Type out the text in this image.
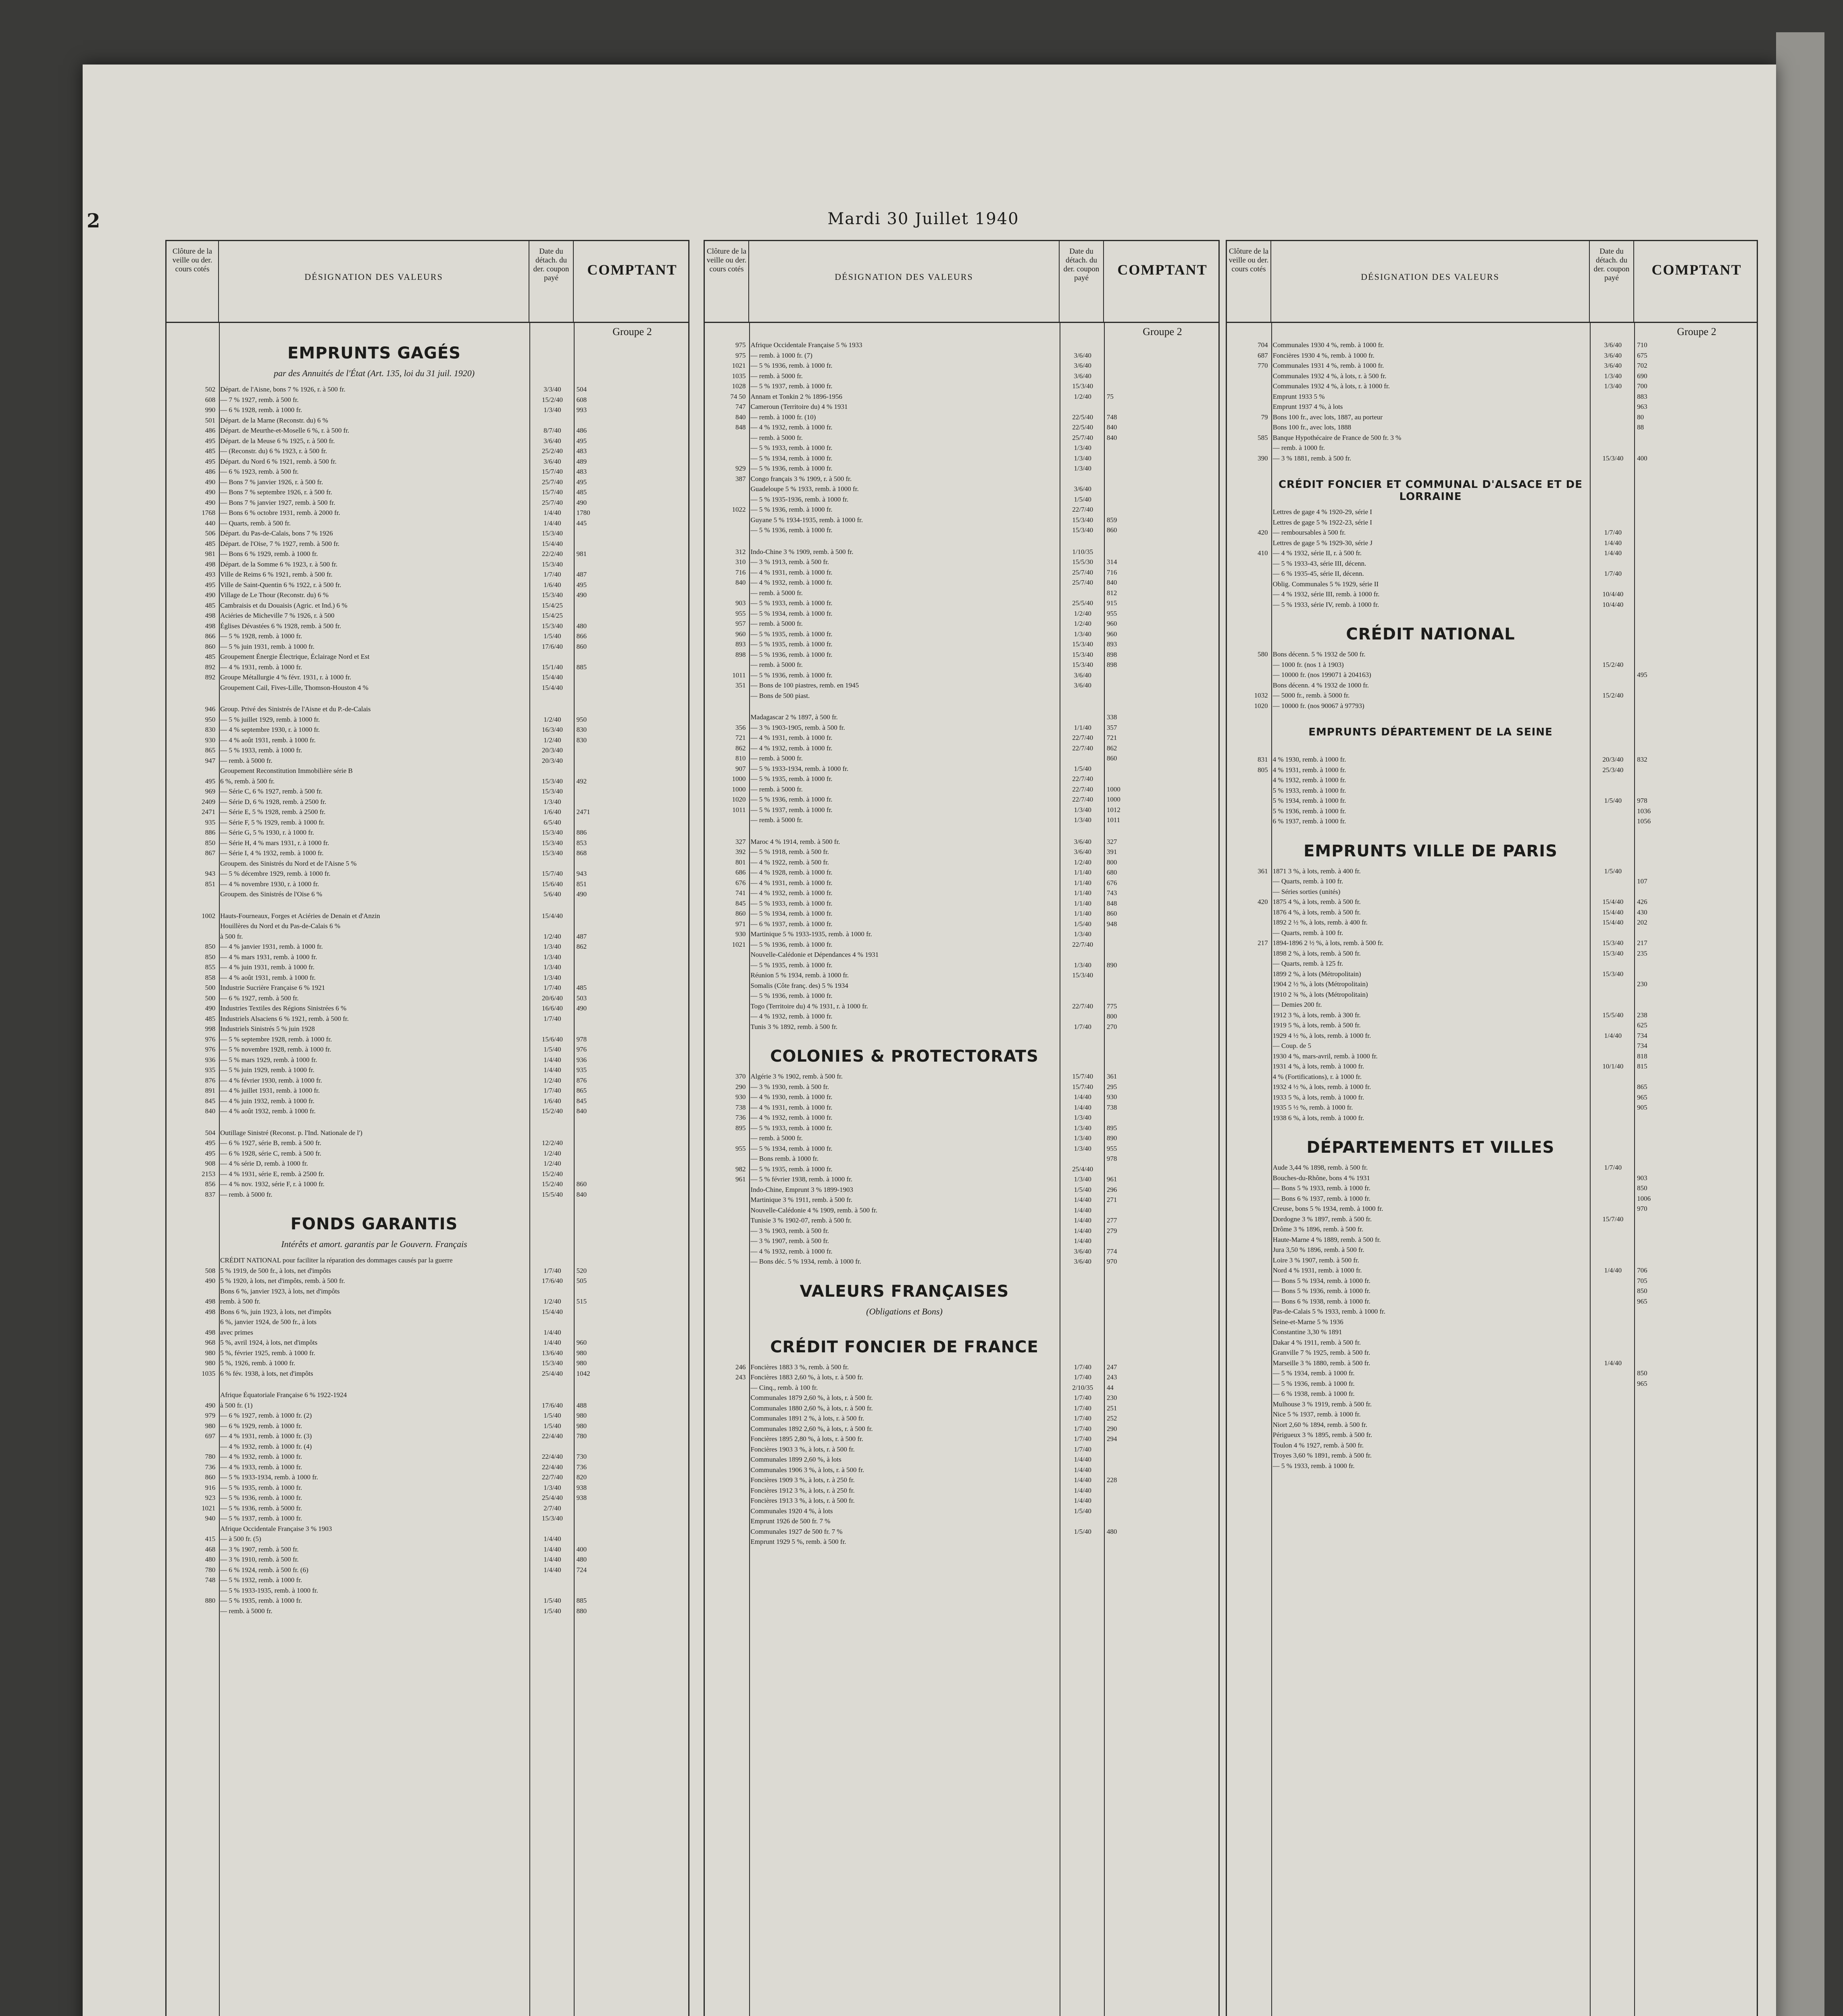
2	Mardi 30 Juillet 1940
Clôture de la veille ou der. cours cotés
DÉSIGNATION DES VALEURS
Date du détach. du der. coupon payé
COMPTANT
Groupe 2
EMPRUNTS GAGÉS
par des Annuités de l'État (Art. 135, loi du 31 juil. 1920)
502 Départ. de l'Aisne, bons 7 % 1926, r. à 500 fr.	3/3/40	504
608 — 7 % 1927, remb. à 500 fr.	15/2/40	608
990 — 6 % 1928, remb. à 1000 fr.	1/3/40	993
501 Départ. de la Marne (Reconstr. du) 6 %
486 Départ. de Meurthe-et-Moselle 6 %, r. à 500 fr.	8/7/40	486
495 Départ. de la Meuse 6 % 1925, r. à 500 fr.	3/6/40	495
485 — (Reconstr. du) 6 % 1923, r. à 500 fr.	25/2/40	483
495 Départ. du Nord 6 % 1921, remb. à 500 fr.	3/6/40	489
486 — 6 % 1923, remb. à 500 fr.	15/7/40	483
490 — Bons 7 % janvier 1926, r. à 500 fr.	25/7/40	495
490 — Bons 7 % septembre 1926, r. à 500 fr.	15/7/40	485
490 — Bons 7 % janvier 1927, remb. à 500 fr.	25/7/40	490
1768 — Bons 6 % octobre 1931, remb. à 2000 fr.	1/4/40	1780
440 — Quarts, remb. à 500 fr.	1/4/40	445
506 Départ. du Pas-de-Calais, bons 7 % 1926	15/3/40
485 Départ. de l'Oise, 7 % 1927, remb. à 500 fr.	15/4/40
981 — Bons 6 % 1929, remb. à 1000 fr.	22/2/40	981
498 Départ. de la Somme 6 % 1923, r. à 500 fr.	15/3/40
493 Ville de Reims 6 % 1921, remb. à 500 fr.	1/7/40	487
495 Ville de Saint-Quentin 6 % 1922, r. à 500 fr.	1/6/40	495
490 Village de Le Thour (Reconstr. du) 6 %	15/3/40	490
485 Cambraisis et du Douaisis (Agric. et Ind.) 6 %	15/4/25
498 Aciéries de Micheville 7 % 1926, r. à 500	15/4/25
498 Églises Dévastées 6 % 1928, remb. à 500 fr.	15/3/40	480
866 — 5 % 1928, remb. à 1000 fr.	1/5/40	866
860 — 5 % juin 1931, remb. à 1000 fr.	17/6/40	860
485 Groupement Énergie Électrique, Éclairage Nord et Est
892 — 4 % 1931, remb. à 1000 fr.	15/1/40	885
892 Groupe Métallurgie 4 % févr. 1931, r. à 1000 fr.	15/4/40
Groupement Cail, Fives-Lille, Thomson-Houston 4 %	15/4/40
946 Group. Privé des Sinistrés de l'Aisne et du P.-de-Calais
950 — 5 % juillet 1929, remb. à 1000 fr.	1/2/40	950
830 — 4 % septembre 1930, r. à 1000 fr.	16/3/40	830
930 — 4 % août 1931, remb. à 1000 fr.	1/2/40	830
865 — 5 % 1933, remb. à 1000 fr.	20/3/40
947 — remb. à 5000 fr.	20/3/40
Groupement Reconstitution Immobilière série B
495 6 %, remb. à 500 fr.	15/3/40	492
969 — Série C, 6 % 1927, remb. à 500 fr.	15/3/40
2409 — Série D, 6 % 1928, remb. à 2500 fr.	1/3/40
2471 — Série E, 5 % 1928, remb. à 2500 fr.	1/6/40	2471
935 — Série F, 5 % 1929, remb. à 1000 fr.	6/5/40
886 — Série G, 5 % 1930, r. à 1000 fr.	15/3/40	886
850 — Série H, 4 % mars 1931, r. à 1000 fr.	15/3/40	853
867 — Série I, 4 % 1932, remb. à 1000 fr.	15/3/40	868
Groupem. des Sinistrés du Nord et de l'Aisne 5 %
943 — 5 % décembre 1929, remb. à 1000 fr.	15/7/40	943
851 — 4 % novembre 1930, r. à 1000 fr.	15/6/40	851
Groupem. des Sinistrés de l'Oise 6 %	5/6/40	490
1002 Hauts-Fourneaux, Forges et Aciéries de Denain et d'Anzin	15/4/40
Houillères du Nord et du Pas-de-Calais 6 %
à 500 fr.	1/2/40	487
850 — 4 % janvier 1931, remb. à 1000 fr.	1/3/40	862
850 — 4 % mars 1931, remb. à 1000 fr.	1/3/40
855 — 4 % juin 1931, remb. à 1000 fr.	1/3/40
858 — 4 % août 1931, remb. à 1000 fr.	1/3/40
500 Industrie Sucrière Française 6 % 1921	1/7/40	485
500 — 6 % 1927, remb. à 500 fr.	20/6/40	503
490 Industries Textiles des Régions Sinistrées 6 %	16/6/40	490
485 Industriels Alsaciens 6 % 1921, remb. à 500 fr.	1/7/40
998 Industriels Sinistrés 5 % juin 1928
976 — 5 % septembre 1928, remb. à 1000 fr.	15/6/40	978
976 — 5 % novembre 1928, remb. à 1000 fr.	1/5/40	976
936 — 5 % mars 1929, remb. à 1000 fr.	1/4/40	936
935 — 5 % juin 1929, remb. à 1000 fr.	1/4/40	935
876 — 4 % février 1930, remb. à 1000 fr.	1/2/40	876
891 — 4 % juillet 1931, remb. à 1000 fr.	1/7/40	865
845 — 4 % juin 1932, remb. à 1000 fr.	1/6/40	845
840 — 4 % août 1932, remb. à 1000 fr.	15/2/40	840
504 Outillage Sinistré (Reconst. p. l'Ind. Nationale de l')
495 — 6 % 1927, série B, remb. à 500 fr.	12/2/40
495 — 6 % 1928, série C, remb. à 500 fr.	1/2/40
908 — 4 % série D, remb. à 1000 fr.	1/2/40
2153 — 4 % 1931, série E, remb. à 2500 fr.	15/2/40
856 — 4 % nov. 1932, série F, r. à 1000 fr.	15/2/40	860
837 — remb. à 5000 fr.	15/5/40	840
FONDS GARANTIS
Intérêts et amort. garantis par le Gouvern. Français
CRÉDIT NATIONAL pour faciliter la réparation des dommages causés par la guerre
508 5 % 1919, de 500 fr., à lots, net d'impôts	1/7/40	520
490 5 % 1920, à lots, net d'impôts, remb. à 500 fr.	17/6/40	505
Bons 6 %, janvier 1923, à lots, net d'impôts
498 remb. à 500 fr.	1/2/40	515
498 Bons 6 %, juin 1923, à lots, net d'impôts	15/4/40
6 %, janvier 1924, de 500 fr., à lots
498 avec primes	1/4/40
968 5 %, avril 1924, à lots, net d'impôts	1/4/40	960
980 5 %, février 1925, remb. à 1000 fr.	13/6/40	980
980 5 %, 1926, remb. à 1000 fr.	15/3/40	980
1035 6 % fév. 1938, à lots, net d'impôts	25/4/40	1042
Afrique Équatoriale Française 6 % 1922-1924
490 à 500 fr. (1)	17/6/40	488
979 — 6 % 1927, remb. à 1000 fr. (2)	1/5/40	980
980 — 6 % 1929, remb. à 1000 fr.	1/5/40	980
697 — 4 % 1931, remb. à 1000 fr. (3)	22/4/40	780
— 4 % 1932, remb. à 1000 fr. (4)
780 — 4 % 1932, remb. à 1000 fr.	22/4/40	730
736 — 4 % 1933, remb. à 1000 fr.	22/4/40	736
860 — 5 % 1933-1934, remb. à 1000 fr.	22/7/40	820
916 — 5 % 1935, remb. à 1000 fr.	1/3/40	938
923 — 5 % 1936, remb. à 1000 fr.	25/4/40	938
1021 — 5 % 1936, remb. à 5000 fr.	2/7/40
940 — 5 % 1937, remb. à 1000 fr.	15/3/40
Afrique Occidentale Française 3 % 1903
415 — à 500 fr. (5)	1/4/40
468 — 3 % 1907, remb. à 500 fr.	1/4/40	400
480 — 3 % 1910, remb. à 500 fr.	1/4/40	480
780 — 6 % 1924, remb. à 500 fr. (6)	1/4/40	724
748 — 5 % 1932, remb. à 1000 fr.
— 5 % 1933-1935, remb. à 1000 fr.
880 — 5 % 1935, remb. à 1000 fr.	1/5/40	885
— remb. à 5000 fr.	1/5/40	880
Clôture de la veille ou der. cours cotés
DÉSIGNATION DES VALEURS
Date du détach. du der. coupon payé
COMPTANT
Groupe 2
975 Afrique Occidentale Française 5 % 1933
975 — remb. à 1000 fr. (7)	3/6/40
1021 — 5 % 1936, remb. à 1000 fr.	3/6/40
1035 — remb. à 5000 fr.	3/6/40
1028 — 5 % 1937, remb. à 1000 fr.	15/3/40
74 50 Annam et Tonkin 2 % 1896-1956	1/2/40	75
747 Cameroun (Territoire du) 4 % 1931
840 — remb. à 1000 fr. (10)	22/5/40	748
848 — 4 % 1932, remb. à 1000 fr.	22/5/40	840
— remb. à 5000 fr.	25/7/40	840
— 5 % 1933, remb. à 1000 fr.	1/3/40
— 5 % 1934, remb. à 1000 fr.	1/3/40
929 — 5 % 1936, remb. à 1000 fr.	1/3/40
387 Congo français 3 % 1909, r. à 500 fr.
Guadeloupe 5 % 1933, remb. à 1000 fr.	3/6/40
— 5 % 1935-1936, remb. à 1000 fr.	1/5/40
1022 — 5 % 1936, remb. à 1000 fr.	22/7/40
Guyane 5 % 1934-1935, remb. à 1000 fr.	15/3/40	859
— 5 % 1936, remb. à 1000 fr.	15/3/40	860
312 Indo-Chine 3 % 1909, remb. à 500 fr.	1/10/35
310 — 3 % 1913, remb. à 500 fr.	15/5/30	314
716 — 4 % 1931, remb. à 1000 fr.	25/7/40	716
840 — 4 % 1932, remb. à 1000 fr.	25/7/40	840
— remb. à 5000 fr.	812
903 — 5 % 1933, remb. à 1000 fr.	25/5/40	915
955 — 5 % 1934, remb. à 1000 fr.	1/2/40	955
957 — remb. à 5000 fr.	1/2/40	960
960 — 5 % 1935, remb. à 1000 fr.	1/3/40	960
893 — 5 % 1935, remb. à 1000 fr.	15/3/40	893
898 — 5 % 1936, remb. à 1000 fr.	15/3/40	898
— remb. à 5000 fr.	15/3/40	898
1011 — 5 % 1936, remb. à 1000 fr.	3/6/40
351 — Bons de 100 piastres, remb. en 1945	3/6/40
— Bons de 500 piast.
Madagascar 2 % 1897, à 500 fr.	338
356 — 3 % 1903-1905, remb. à 500 fr.	1/1/40	357
721 — 4 % 1931, remb. à 1000 fr.	22/7/40	721
862 — 4 % 1932, remb. à 1000 fr.	22/7/40	862
810 — remb. à 5000 fr.	860
907 — 5 % 1933-1934, remb. à 1000 fr.	1/5/40
1000 — 5 % 1935, remb. à 1000 fr.	22/7/40
1000 — remb. à 5000 fr.	22/7/40	1000
1020 — 5 % 1936, remb. à 1000 fr.	22/7/40	1000
1011 — 5 % 1937, remb. à 1000 fr.	1/3/40	1012
— remb. à 5000 fr.	1/3/40	1011
327 Maroc 4 % 1914, remb. à 500 fr.	3/6/40	327
392 — 5 % 1918, remb. à 500 fr.	3/6/40	391
801 — 4 % 1922, remb. à 500 fr.	1/2/40	800
686 — 4 % 1928, remb. à 1000 fr.	1/1/40	680
676 — 4 % 1931, remb. à 1000 fr.	1/1/40	676
741 — 4 % 1932, remb. à 1000 fr.	1/1/40	743
845 — 5 % 1933, remb. à 1000 fr.	1/1/40	848
860 — 5 % 1934, remb. à 1000 fr.	1/1/40	860
971 — 6 % 1937, remb. à 1000 fr.	1/5/40	948
930 Martinique 5 % 1933-1935, remb. à 1000 fr.	1/3/40
1021 — 5 % 1936, remb. à 1000 fr.	22/7/40
Nouvelle-Calédonie et Dépendances 4 % 1931
— 5 % 1935, remb. à 1000 fr.	1/3/40	890
Réunion 5 % 1934, remb. à 1000 fr.	15/3/40
Somalis (Côte franç. des) 5 % 1934
— 5 % 1936, remb. à 1000 fr.
Togo (Territoire du) 4 % 1931, r. à 1000 fr.	22/7/40	775
— 4 % 1932, remb. à 1000 fr.	800
Tunis 3 % 1892, remb. à 500 fr.	1/7/40	270
COLONIES & PROTECTORATS
370 Algérie 3 % 1902, remb. à 500 fr.	15/7/40	361
290 — 3 % 1930, remb. à 500 fr.	15/7/40	295
930 — 4 % 1930, remb. à 1000 fr.	1/4/40	930
738 — 4 % 1931, remb. à 1000 fr.	1/4/40	738
736 — 4 % 1932, remb. à 1000 fr.	1/3/40
895 — 5 % 1933, remb. à 1000 fr.	1/3/40	895
— remb. à 5000 fr.	1/3/40	890
955 — 5 % 1934, remb. à 1000 fr.	1/3/40	955
— Bons remb. à 1000 fr.	978
982 — 5 % 1935, remb. à 1000 fr.	25/4/40
961 — 5 % février 1938, remb. à 1000 fr.	1/3/40	961
Indo-Chine, Emprunt 3 % 1899-1903	1/5/40	296
Martinique 3 % 1911, remb. à 500 fr.	1/4/40	271
Nouvelle-Calédonie 4 % 1909, remb. à 500 fr.	1/4/40
Tunisie 3 % 1902-07, remb. à 500 fr.	1/4/40	277
— 3 % 1903, remb. à 500 fr.	1/4/40	279
— 3 % 1907, remb. à 500 fr.	1/4/40
— 4 % 1932, remb. à 1000 fr.	3/6/40	774
— Bons déc. 5 % 1934, remb. à 1000 fr.	3/6/40	970
VALEURS FRANÇAISES
(Obligations et Bons)
CRÉDIT FONCIER DE FRANCE
246 Foncières 1883 3 %, remb. à 500 fr.	1/7/40	247
243 Foncières 1883 2,60 %, à lots, r. à 500 fr.	1/7/40	243
— Cinq., remb. à 100 fr.	2/10/35	44
Communales 1879 2,60 %, à lots, r. à 500 fr.	1/7/40	230
Communales 1880 2,60 %, à lots, r. à 500 fr.	1/7/40	251
Communales 1891 2 %, à lots, r. à 500 fr.	1/7/40	252
Communales 1892 2,60 %, à lots, r. à 500 fr.	1/7/40	290
Foncières 1895 2,80 %, à lots, r. à 500 fr.	1/7/40	294
Foncières 1903 3 %, à lots, r. à 500 fr.	1/7/40
Communales 1899 2,60 %, à lots	1/4/40
Communales 1906 3 %, à lots, r. à 500 fr.	1/4/40
Foncières 1909 3 %, à lots, r. à 250 fr.	1/4/40	228
Foncières 1912 3 %, à lots, r. à 250 fr.	1/4/40
Foncières 1913 3 %, à lots, r. à 500 fr.	1/4/40
Communales 1920 4 %, à lots	1/5/40
Emprunt 1926 de 500 fr. 7 %
Communales 1927 de 500 fr. 7 %	1/5/40	480
Emprunt 1929 5 %, remb. à 500 fr.
Clôture de la veille ou der. cours cotés
DÉSIGNATION DES VALEURS
Date du détach. du der. coupon payé
COMPTANT
Groupe 2
704 Communales 1930 4 %, remb. à 1000 fr.	3/6/40	710
687 Foncières 1930 4 %, remb. à 1000 fr.	3/6/40	675
770 Communales 1931 4 %, remb. à 1000 fr.	3/6/40	702
Communales 1932 4 %, à lots, r. à 500 fr.	1/3/40	690
Communales 1932 4 %, à lots, r. à 1000 fr.	1/3/40	700
Emprunt 1933 5 %	883
Emprunt 1937 4 %, à lots	963
79 Bons 100 fr., avec lots, 1887, au porteur	80
Bons 100 fr., avec lots, 1888	88
585 Banque Hypothécaire de France de 500 fr. 3 %
— remb. à 1000 fr.
390 — 3 % 1881, remb. à 500 fr.	15/3/40	400
CRÉDIT FONCIER ET COMMUNAL D'ALSACE ET DE LORRAINE
Lettres de gage 4 % 1920-29, série I
Lettres de gage 5 % 1922-23, série I
420 — remboursables à 500 fr.	1/7/40
Lettres de gage 5 % 1929-30, série J	1/4/40
410 — 4 % 1932, série II, r. à 500 fr.	1/4/40
— 5 % 1933-43, série III, décenn.
— 6 % 1935-45, série II, décenn.	1/7/40
Oblig. Communales 5 % 1929, série II
— 4 % 1932, série III, remb. à 1000 fr.	10/4/40
— 5 % 1933, série IV, remb. à 1000 fr.	10/4/40
CRÉDIT NATIONAL
580 Bons décenn. 5 % 1932 de 500 fr.
— 1000 fr. (nos 1 à 1903)	15/2/40
— 10000 fr. (nos 199071 à 204163)	495
Bons décenn. 4 % 1932 de 1000 fr.
1032 — 5000 fr., remb. à 5000 fr.	15/2/40
1020 — 10000 fr. (nos 90067 à 97793)
EMPRUNTS DÉPARTEMENT DE LA SEINE
831 4 % 1930, remb. à 1000 fr.	20/3/40	832
805 4 % 1931, remb. à 1000 fr.	25/3/40
4 % 1932, remb. à 1000 fr.
5 % 1933, remb. à 1000 fr.
5 % 1934, remb. à 1000 fr.	1/5/40	978
5 % 1936, remb. à 1000 fr.	1036
6 % 1937, remb. à 1000 fr.	1056
EMPRUNTS VILLE DE PARIS
361 1871 3 %, à lots, remb. à 400 fr.	1/5/40
— Quarts, remb. à 100 fr.	107
— Séries sorties (unités)
420 1875 4 %, à lots, remb. à 500 fr.	15/4/40	426
1876 4 %, à lots, remb. à 500 fr.	15/4/40	430
1892 2 ½ %, à lots, remb. à 400 fr.	15/4/40	202
— Quarts, remb. à 100 fr.
217 1894-1896 2 ½ %, à lots, remb. à 500 fr.	15/3/40	217
1898 2 %, à lots, remb. à 500 fr.	15/3/40	235
— Quarts, remb. à 125 fr.
1899 2 %, à lots (Métropolitain)	15/3/40
1904 2 ½ %, à lots (Métropolitain)	230
1910 2 ¾ %, à lots (Métropolitain)
— Demies 200 fr.
1912 3 %, à lots, remb. à 300 fr.	15/5/40	238
1919 5 %, à lots, remb. à 500 fr.	625
1929 4 ½ %, à lots, remb. à 1000 fr.	1/4/40	734
— Coup. de 5	734
1930 4 %, mars-avril, remb. à 1000 fr.	818
1931 4 %, à lots, remb. à 1000 fr.	10/1/40	815
4 % (Fortifications), r. à 1000 fr.
1932 4 ½ %, à lots, remb. à 1000 fr.	865
1933 5 %, à lots, remb. à 1000 fr.	965
1935 5 ½ %, remb. à 1000 fr.	905
1938 6 %, à lots, remb. à 1000 fr.
DÉPARTEMENTS ET VILLES
Aude 3,44 % 1898, remb. à 500 fr.	1/7/40
Bouches-du-Rhône, bons 4 % 1931	903
— Bons 5 % 1933, remb. à 1000 fr.	850
— Bons 6 % 1937, remb. à 1000 fr.	1006
Creuse, bons 5 % 1934, remb. à 1000 fr.	970
Dordogne 3 % 1897, remb. à 500 fr.	15/7/40
Drôme 3 % 1896, remb. à 500 fr.
Haute-Marne 4 % 1889, remb. à 500 fr.
Jura 3,50 % 1896, remb. à 500 fr.
Loire 3 % 1907, remb. à 500 fr.
Nord 4 % 1931, remb. à 1000 fr.	1/4/40	706
— Bons 5 % 1934, remb. à 1000 fr.	705
— Bons 5 % 1936, remb. à 1000 fr.	850
— Bons 6 % 1938, remb. à 1000 fr.	965
Pas-de-Calais 5 % 1933, remb. à 1000 fr.
Seine-et-Marne 5 % 1936
Constantine 3,30 % 1891
Dakar 4 % 1911, remb. à 500 fr.
Granville 7 % 1925, remb. à 500 fr.
Marseille 3 % 1880, remb. à 500 fr.	1/4/40
— 5 % 1934, remb. à 1000 fr.	850
— 5 % 1936, remb. à 1000 fr.	965
— 6 % 1938, remb. à 1000 fr.
Mulhouse 3 % 1919, remb. à 500 fr.
Nice 5 % 1937, remb. à 1000 fr.
Niort 2,60 % 1894, remb. à 500 fr.
Périgueux 3 % 1895, remb. à 500 fr.
Toulon 4 % 1927, remb. à 500 fr.
Troyes 3,60 % 1891, remb. à 500 fr.
— 5 % 1933, remb. à 1000 fr.
